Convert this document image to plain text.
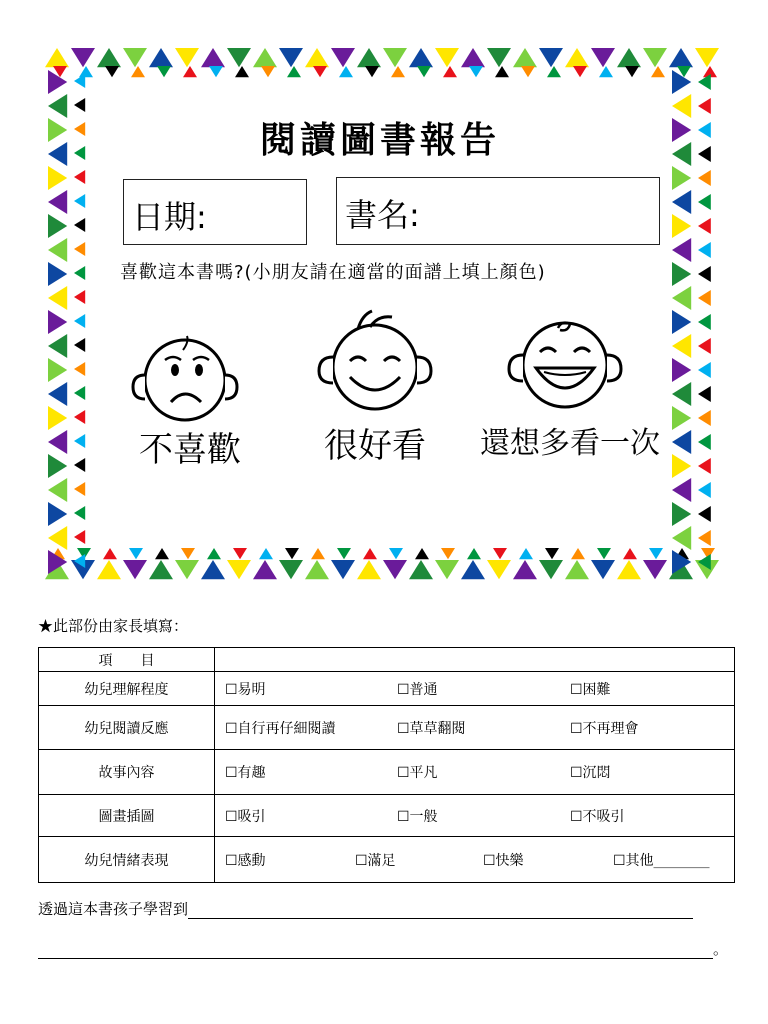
閱讀圖書報告
日期:	書名:
喜歡這本書嗎?(小朋友請在適當的面譜上填上顏色)
不喜歡 很好看	還想多看一次
★此部份由家長填寫：
項　　目	
幼兒理解程度	☐易明 ☐普通 ☐困難

幼兒閱讀反應	☐自行再仔細閱讀 ☐草草翻閱 ☐不再理會

故事內容	☐有趣 ☐平凡 ☐沉悶

圖畫插圖	☐吸引 ☐一般 ☐不吸引

幼兒情緒表現	☐感動 ☐滿足 ☐快樂 ☐其他________
透過這本書孩子學習到
。
